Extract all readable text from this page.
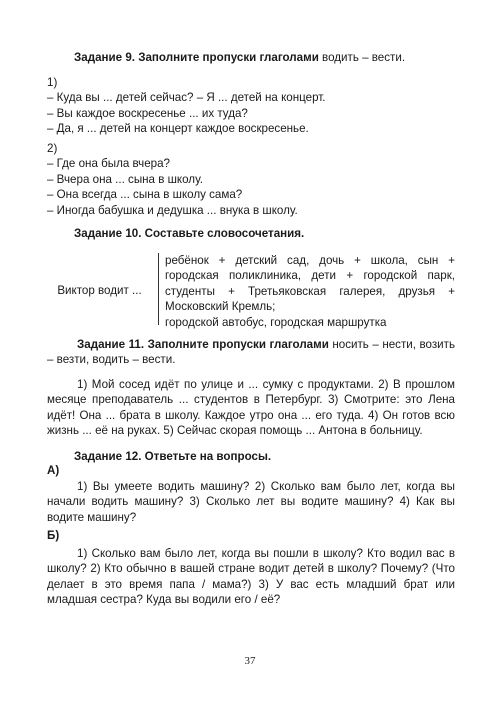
Задание 9. Заполните пропуски глаголами водить – вести.
1)
– Куда вы ... детей сейчас? – Я ... детей на концерт.
– Вы каждое воскресенье ... их туда?
– Да, я ... детей на концерт каждое воскресенье.
2)
– Где она была вчера?
– Вчера она ... сына в школу.
– Она всегда ... сына в школу сама?
– Иногда бабушка и дедушка ... внука в школу.
Задание 10. Составьте словосочетания.
Виктор водит ...
ребёнок + детский сад, дочь + школа, сын + городская поликлиника, дети + городской парк, студенты + Третьяковская галерея, друзья + Московский Кремль;
городской автобус, городская маршрутка
Задание 11. Заполните пропуски глаголами носить – нести, возить – везти, водить – вести.
1) Мой сосед идёт по улице и ... сумку с продуктами. 2) В прошлом месяце преподаватель ... студентов в Петербург. 3) Смотрите: это Лена идёт! Она ... брата в школу. Каждое утро она ... его туда. 4) Он готов всю жизнь ... её на руках. 5) Сейчас скорая помощь ... Антона в больницу.
Задание 12. Ответьте на вопросы.
А)
1) Вы умеете водить машину? 2) Сколько вам было лет, когда вы начали водить машину? 3) Сколько лет вы водите машину? 4) Как вы водите машину?
Б)
1) Сколько вам было лет, когда вы пошли в школу? Кто водил вас в школу? 2) Кто обычно в вашей стране водит детей в школу? Почему? (Что делает в это время папа / мама?) 3) У вас есть младший брат или младшая сестра? Куда вы водили его / её?
37
